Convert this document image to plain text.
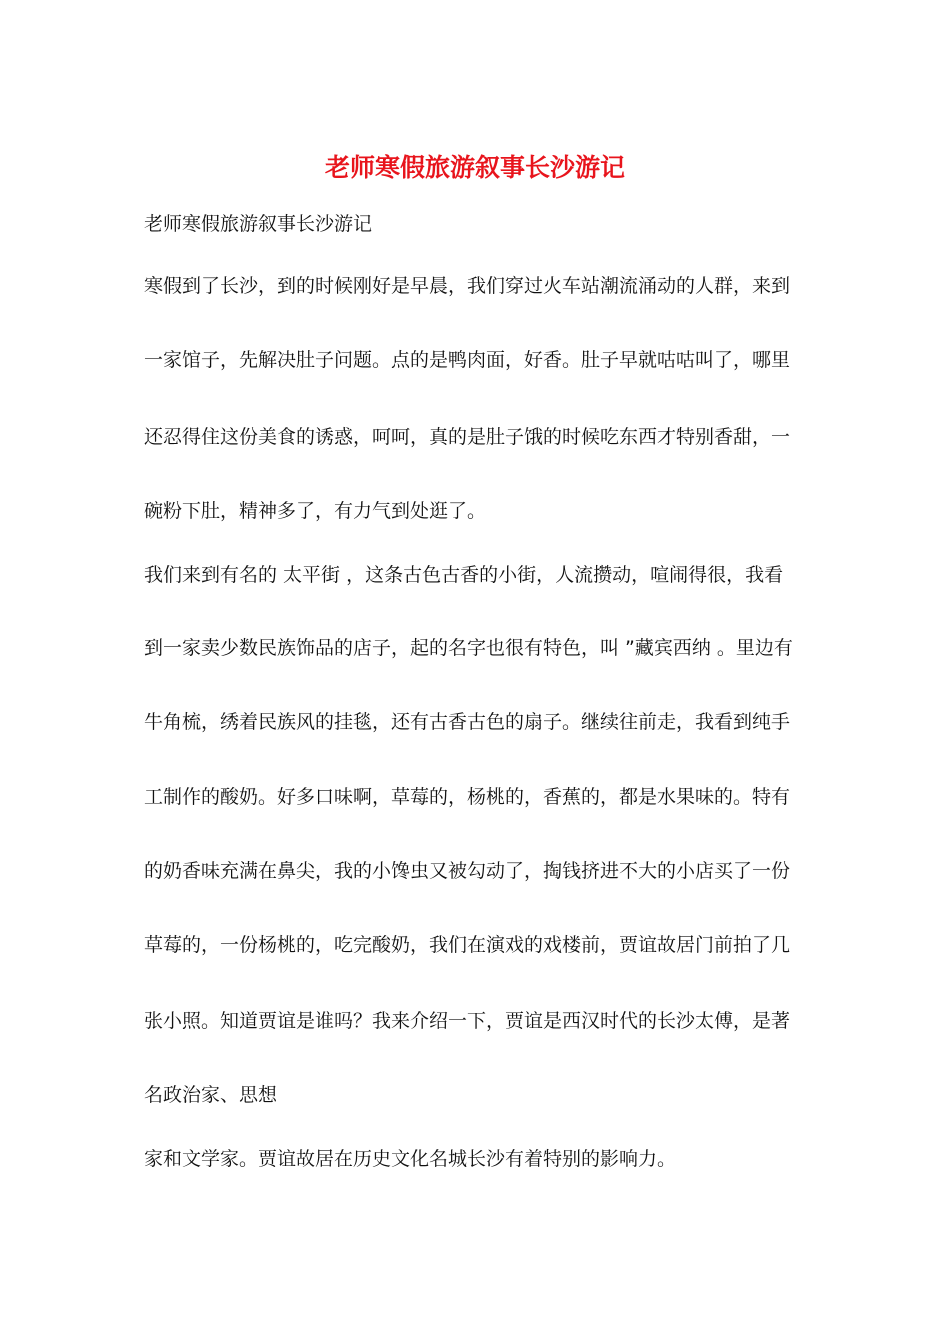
老师寒假旅游叙事长沙游记
老师寒假旅游叙事长沙游记
寒假到了长沙，到的时候刚好是早晨，我们穿过火车站潮流涌动的人群，来到
一家馆子，先解决肚子问题。点的是鸭肉面，好香。肚子早就咕咕叫了，哪里
还忍得住这份美食的诱惑，呵呵，真的是肚子饿的时候吃东西才特别香甜，一
碗粉下肚，精神多了，有力气到处逛了。
我们来到有名的 太平街 ，这条古色古香的小街，人流攒动，喧闹得很，我看
到一家卖少数民族饰品的店子，起的名字也很有特色，叫 ”藏宾西纳 。里边有
牛角梳，绣着民族风的挂毯，还有古香古色的扇子。继续往前走，我看到纯手
工制作的酸奶。好多口味啊，草莓的，杨桃的，香蕉的，都是水果味的。特有
的奶香味充满在鼻尖，我的小馋虫又被勾动了，掏钱挤进不大的小店买了一份
草莓的，一份杨桃的，吃完酸奶，我们在演戏的戏楼前，贾谊故居门前拍了几
张小照。知道贾谊是谁吗？我来介绍一下，贾谊是西汉时代的长沙太傅，是著
名政治家、思想
家和文学家。贾谊故居在历史文化名城长沙有着特别的影响力。
